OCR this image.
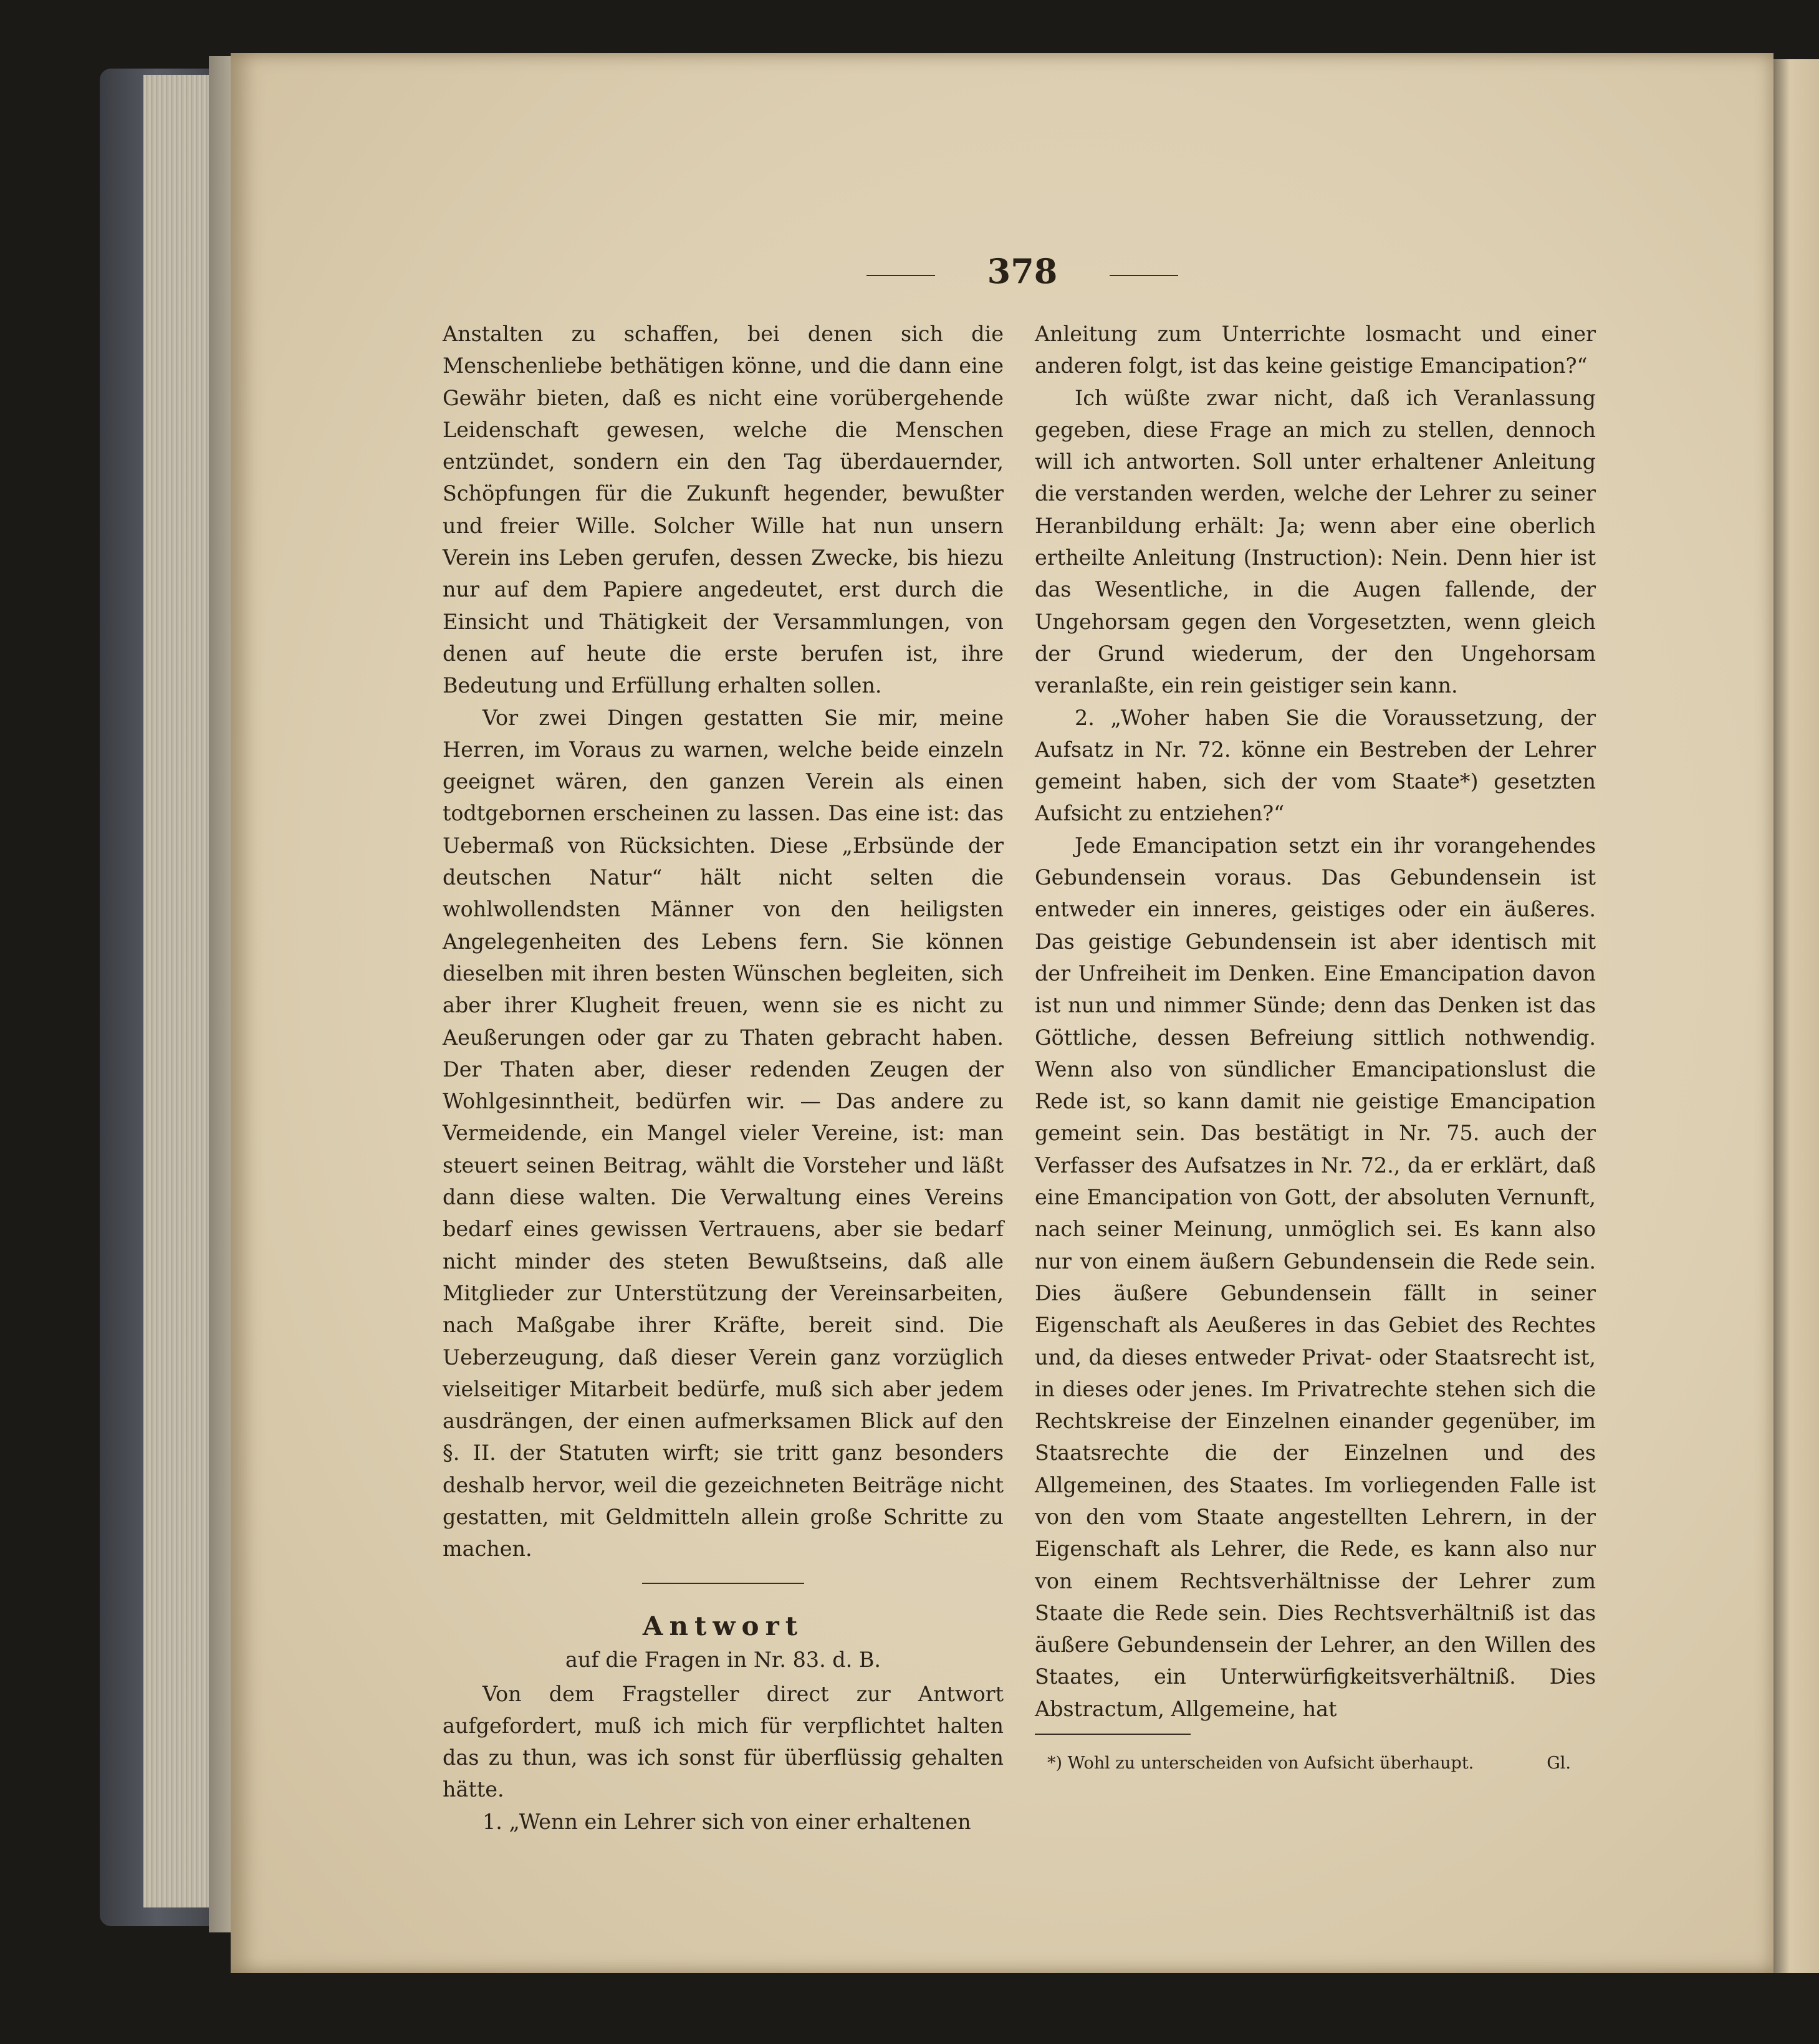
378

Anstalten zu schaffen, bei denen sich die Menschenliebe bethätigen könne, und die dann eine Gewähr bieten, daß es nicht eine vorübergehende Leidenschaft gewesen, welche die Menschen entzündet, sondern ein den Tag überdauernder, Schöpfungen für die Zukunft hegender, bewußter und freier Wille. Solcher Wille hat nun unsern Verein ins Leben gerufen, dessen Zwecke, bis hiezu nur auf dem Papiere angedeutet, erst durch die Einsicht und Thätigkeit der Versammlungen, von denen auf heute die erste berufen ist, ihre Bedeutung und Erfüllung erhalten sollen.

Vor zwei Dingen gestatten Sie mir, meine Herren, im Voraus zu warnen, welche beide einzeln geeignet wären, den ganzen Verein als einen todtgebornen erscheinen zu lassen. Das eine ist: das Uebermaß von Rücksichten. Diese „Erbsünde der deutschen Natur“ hält nicht selten die wohlwollendsten Männer von den heiligsten Angelegenheiten des Lebens fern. Sie können dieselben mit ihren besten Wünschen begleiten, sich aber ihrer Klugheit freuen, wenn sie es nicht zu Aeußerungen oder gar zu Thaten gebracht haben. Der Thaten aber, dieser redenden Zeugen der Wohlgesinntheit, bedürfen wir. — Das andere zu Vermeidende, ein Mangel vieler Vereine, ist: man steuert seinen Beitrag, wählt die Vorsteher und läßt dann diese walten. Die Verwaltung eines Vereins bedarf eines gewissen Vertrauens, aber sie bedarf nicht minder des steten Bewußtseins, daß alle Mitglieder zur Unterstützung der Vereinsarbeiten, nach Maßgabe ihrer Kräfte, bereit sind. Die Ueberzeugung, daß dieser Verein ganz vorzüglich vielseitiger Mitarbeit bedürfe, muß sich aber jedem ausdrängen, der einen aufmerksamen Blick auf den §. II. der Statuten wirft; sie tritt ganz besonders deshalb hervor, weil die gezeichneten Beiträge nicht gestatten, mit Geldmitteln allein große Schritte zu machen.

Antwort

auf die Fragen in Nr. 83. d. B.

Von dem Fragsteller direct zur Antwort aufgefordert, muß ich mich für verpflichtet halten das zu thun, was ich sonst für überflüssig gehalten hätte.

1. „Wenn ein Lehrer sich von einer erhaltenen

Anleitung zum Unterrichte losmacht und einer anderen folgt, ist das keine geistige Emancipation?“

Ich wüßte zwar nicht, daß ich Veranlassung gegeben, diese Frage an mich zu stellen, dennoch will ich antworten. Soll unter erhaltener Anleitung die verstanden werden, welche der Lehrer zu seiner Heranbildung erhält: Ja; wenn aber eine oberlich ertheilte Anleitung (Instruction): Nein. Denn hier ist das Wesentliche, in die Augen fallende, der Ungehorsam gegen den Vorgesetzten, wenn gleich der Grund wiederum, der den Ungehorsam veranlaßte, ein rein geistiger sein kann.

2. „Woher haben Sie die Voraussetzung, der Aufsatz in Nr. 72. könne ein Bestreben der Lehrer gemeint haben, sich der vom Staate*) gesetzten Aufsicht zu entziehen?“

Jede Emancipation setzt ein ihr vorangehendes Gebundensein voraus. Das Gebundensein ist entweder ein inneres, geistiges oder ein äußeres. Das geistige Gebundensein ist aber identisch mit der Unfreiheit im Denken. Eine Emancipation davon ist nun und nimmer Sünde; denn das Denken ist das Göttliche, dessen Befreiung sittlich nothwendig. Wenn also von sündlicher Emancipationslust die Rede ist, so kann damit nie geistige Emancipation gemeint sein. Das bestätigt in Nr. 75. auch der Verfasser des Aufsatzes in Nr. 72., da er erklärt, daß eine Emancipation von Gott, der absoluten Vernunft, nach seiner Meinung, unmöglich sei. Es kann also nur von einem äußern Gebundensein die Rede sein. Dies äußere Gebundensein fällt in seiner Eigenschaft als Aeußeres in das Gebiet des Rechtes und, da dieses entweder Privat- oder Staatsrecht ist, in dieses oder jenes. Im Privatrechte stehen sich die Rechtskreise der Einzelnen einander gegenüber, im Staatsrechte die der Einzelnen und des Allgemeinen, des Staates. Im vorliegenden Falle ist von den vom Staate angestellten Lehrern, in der Eigenschaft als Lehrer, die Rede, es kann also nur von einem Rechtsverhältnisse der Lehrer zum Staate die Rede sein. Dies Rechtsverhältniß ist das äußere Gebundensein der Lehrer, an den Willen des Staates, ein Unterwürfigkeitsverhältniß. Dies Abstractum, Allgemeine, hat

*) Wohl zu unterscheiden von Aufsicht überhaupt.	Gl.
